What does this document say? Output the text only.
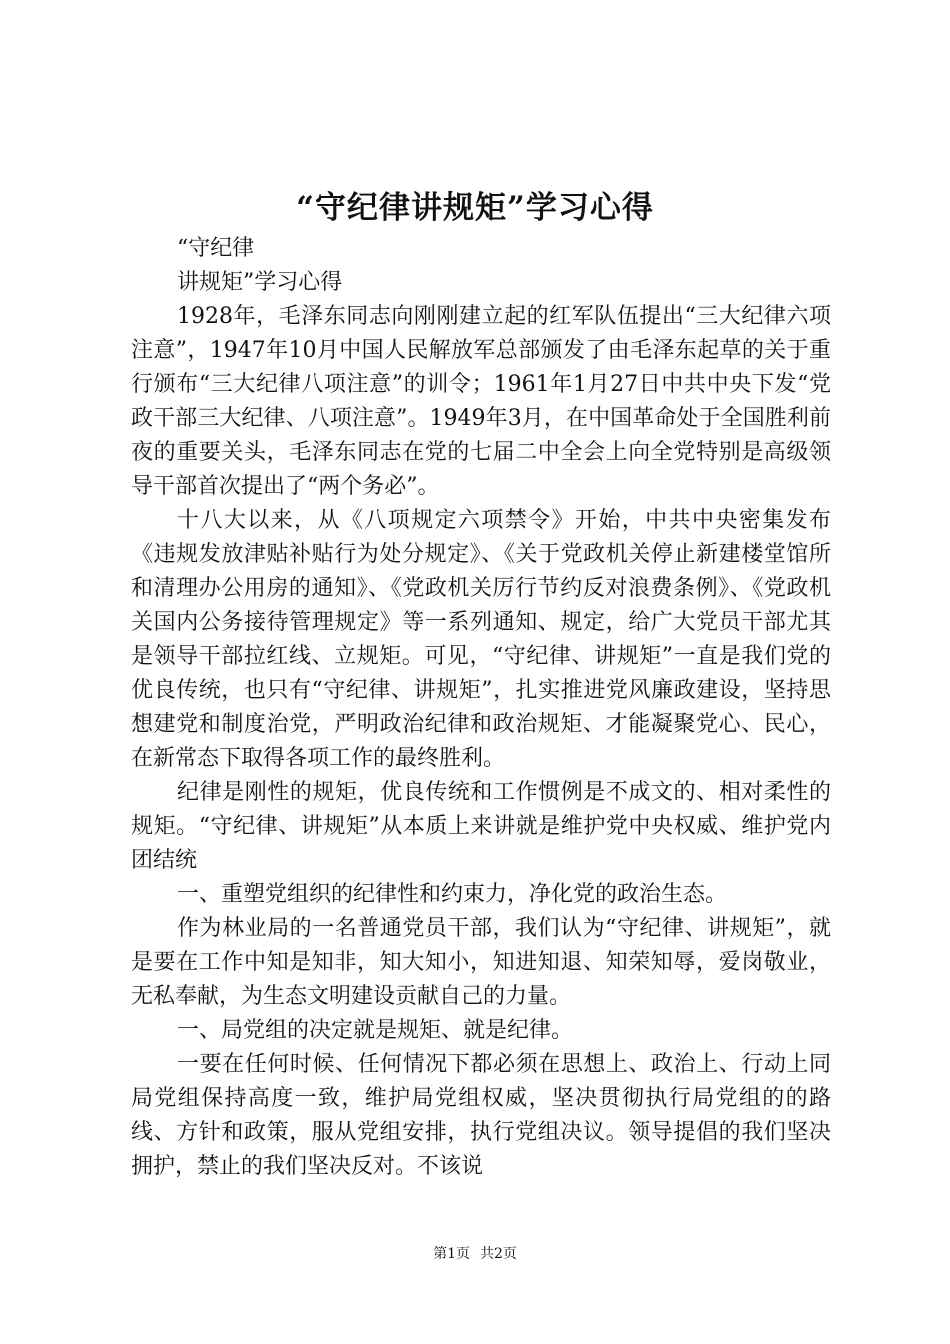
“守纪律讲规矩”学习心得

“守纪律

讲规矩”学习心得

1928年，毛泽东同志向刚刚建立起的红军队伍提出“三大纪律六项注意”，1947年10月中国人民解放军总部颁发了由毛泽东起草的关于重行颁布“三大纪律八项注意”的训令；1961年1月27日中共中央下发“党政干部三大纪律、八项注意”。1949年3月，在中国革命处于全国胜利前夜的重要关头，毛泽东同志在党的七届二中全会上向全党特别是高级领导干部首次提出了“两个务必”。

十八大以来，从《八项规定六项禁令》开始，中共中央密集发布《违规发放津贴补贴行为处分规定》、《关于党政机关停止新建楼堂馆所和清理办公用房的通知》、《党政机关厉行节约反对浪费条例》、《党政机关国内公务接待管理规定》等一系列通知、规定，给广大党员干部尤其是领导干部拉红线、立规矩。可见，“守纪律、讲规矩”一直是我们党的优良传统，也只有“守纪律、讲规矩”，扎实推进党风廉政建设，坚持思想建党和制度治党，严明政治纪律和政治规矩、才能凝聚党心、民心，在新常态下取得各项工作的最终胜利。

纪律是刚性的规矩，优良传统和工作惯例是不成文的、相对柔性的规矩。“守纪律、讲规矩”从本质上来讲就是维护党中央权威、维护党内团结统

一、重塑党组织的纪律性和约束力，净化党的政治生态。

作为林业局的一名普通党员干部，我们认为“守纪律、讲规矩”，就是要在工作中知是知非，知大知小，知进知退、知荣知辱，爱岗敬业，无私奉献，为生态文明建设贡献自己的力量。

一、局党组的决定就是规矩、就是纪律。

一要在任何时候、任何情况下都必须在思想上、政治上、行动上同局党组保持高度一致，维护局党组权威，坚决贯彻执行局党组的的路线、方针和政策，服从党组安排，执行党组决议。领导提倡的我们坚决拥护，禁止的我们坚决反对。不该说

第1页 共2页
